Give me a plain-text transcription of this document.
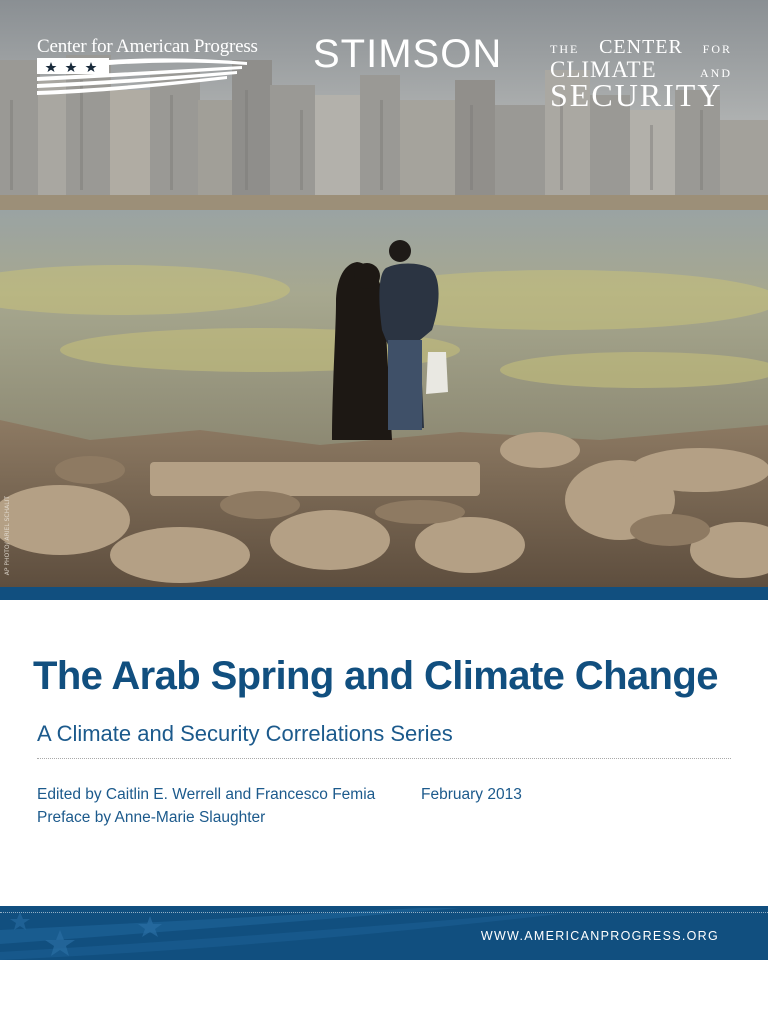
Center for American Progress STIMSON	THE CENTER FOR
CLIMATE	AND
SECURITY
AP PHOTO/ ARIEL SCHALIT
The Arab Spring and Climate Change
A Climate and Security Correlations Series
Edited by Caitlin E. Werrell and Francesco Femia
Preface by Anne-Marie Slaughter
February 2013
WWW.AMERICANPROGRESS.ORG
